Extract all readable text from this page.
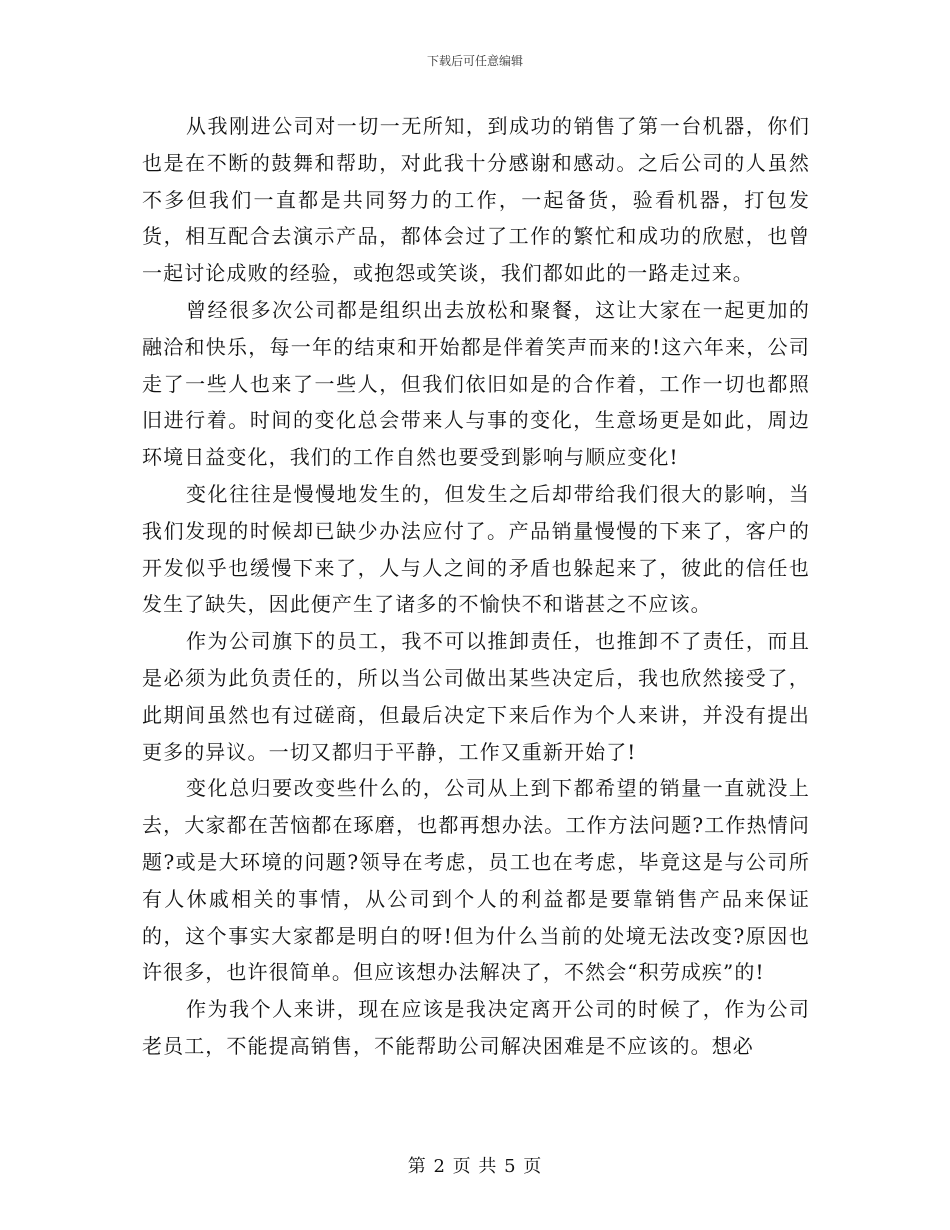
下载后可任意编辑

从我刚进公司对一切一无所知，到成功的销售了第一台机器，你们也是在不断的鼓舞和帮助，对此我十分感谢和感动。之后公司的人虽然不多但我们一直都是共同努力的工作，一起备货，验看机器，打包发货，相互配合去演示产品，都体会过了工作的繁忙和成功的欣慰，也曾一起讨论成败的经验，或抱怨或笑谈，我们都如此的一路走过来。

曾经很多次公司都是组织出去放松和聚餐，这让大家在一起更加的融洽和快乐，每一年的结束和开始都是伴着笑声而来的!这六年来，公司走了一些人也来了一些人，但我们依旧如是的合作着，工作一切也都照旧进行着。时间的变化总会带来人与事的变化，生意场更是如此，周边环境日益变化，我们的工作自然也要受到影响与顺应变化!

变化往往是慢慢地发生的，但发生之后却带给我们很大的影响，当我们发现的时候却已缺少办法应付了。产品销量慢慢的下来了，客户的开发似乎也缓慢下来了，人与人之间的矛盾也躲起来了，彼此的信任也发生了缺失，因此便产生了诸多的不愉快不和谐甚之不应该。

作为公司旗下的员工，我不可以推卸责任，也推卸不了责任，而且是必须为此负责任的，所以当公司做出某些决定后，我也欣然接受了，此期间虽然也有过磋商，但最后决定下来后作为个人来讲，并没有提出更多的异议。一切又都归于平静，工作又重新开始了!

变化总归要改变些什么的，公司从上到下都希望的销量一直就没上去，大家都在苦恼都在琢磨，也都再想办法。工作方法问题?工作热情问题?或是大环境的问题?领导在考虑，员工也在考虑，毕竟这是与公司所有人休戚相关的事情，从公司到个人的利益都是要靠销售产品来保证的，这个事实大家都是明白的呀!但为什么当前的处境无法改变?原因也许很多，也许很简单。但应该想办法解决了，不然会“积劳成疾”的!

作为我个人来讲，现在应该是我决定离开公司的时候了，作为公司老员工，不能提高销售，不能帮助公司解决困难是不应该的。想必

第 2 页 共 5 页
